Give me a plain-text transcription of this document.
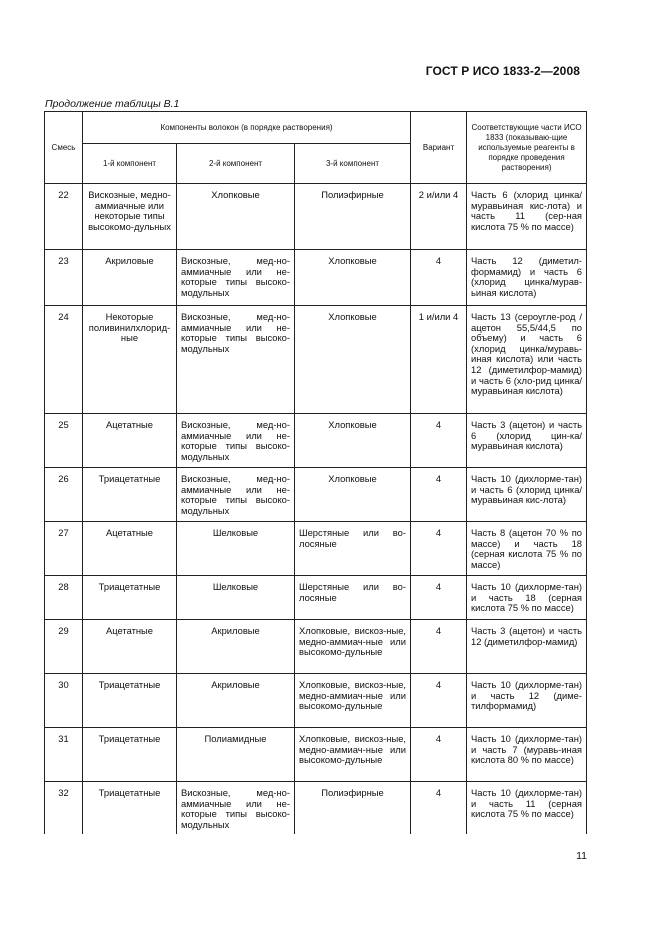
ГОСТ Р ИСО 1833-2—2008
Продолжение таблицы В.1
Смесь	Компоненты волокон (в порядке растворения)			Вариант	Соответствующие части ИСО 1833 (показываю-щие используемые реагенты в порядке проведения растворения)
	1-й компонент	2-й компонент	3-й компонент		
22	Вискозные, медно-аммиачные или некоторые типы высокомо-дульных	Хлопковые	Полиэфирные	2 и/или 4	Часть 6 (хлорид цинка/муравьиная кис-лота) и часть 11 (сер-ная кислота 75 % по массе)
23	Акриловые	Вискозные, мед-но-аммиачные или не-которые типы высоко-модульных	Хлопковые	4	Часть 12 (диметил-формамид) и часть 6 (хлорид цинка/мурав-ьиная кислота)
24	Некоторые поливинилхлорид-ные	Вискозные, мед-но-аммиачные или не-которые типы высоко-модульных	Хлопковые	1 и/или 4	Часть 13 (сероугле-род /ацетон 55,5/44,5 по объему) и часть 6 (хлорид цинка/муравь-иная кислота) или часть 12 (диметилфор-мамид) и часть 6 (хло-рид цинка/муравьиная кислота)
25	Ацетатные	Вискозные, мед-но-аммиачные или не-которые типы высоко-модульных	Хлопковые	4	Часть 3 (ацетон) и часть 6 (хлорид цин-ка/муравьиная кислота)
26	Триацетатные	Вискозные, мед-но-аммиачные или не-которые типы высоко-модульных	Хлопковые	4	Часть 10 (дихлорме-тан) и часть 6 (хлорид цинка/муравьиная кис-лота)
27	Ацетатные	Шелковые	Шерстяные или во-лосяные	4	Часть 8 (ацетон 70 % по массе) и часть 18 (серная кислота 75 % по массе)
28	Триацетатные	Шелковые	Шерстяные или во-лосяные	4	Часть 10 (дихлорме-тан) и часть 18 (серная кислота 75 % по массе)
29	Ацетатные	Акриловые	Хлопковые, вискоз-ные, медно-аммиач-ные или высокомо-дульные	4	Часть 3 (ацетон) и часть 12 (диметилфор-мамид)
30	Триацетатные	Акриловые	Хлопковые, вискоз-ные, медно-аммиач-ные или высокомо-дульные	4	Часть 10 (дихлорме-тан) и часть 12 (диме-тилформамид)
31	Триацетатные	Полиамидные	Хлопковые, вискоз-ные, медно-аммиач-ные или высокомо-дульные	4	Часть 10 (дихлорме-тан) и часть 7 (муравь-иная кислота 80 % по массе)
32	Триацетатные	Вискозные, мед-но-аммиачные или не-которые типы высоко-модульных	Полиэфирные	4	Часть 10 (дихлорме-тан) и часть 11 (серная кислота 75 % по массе)
11
